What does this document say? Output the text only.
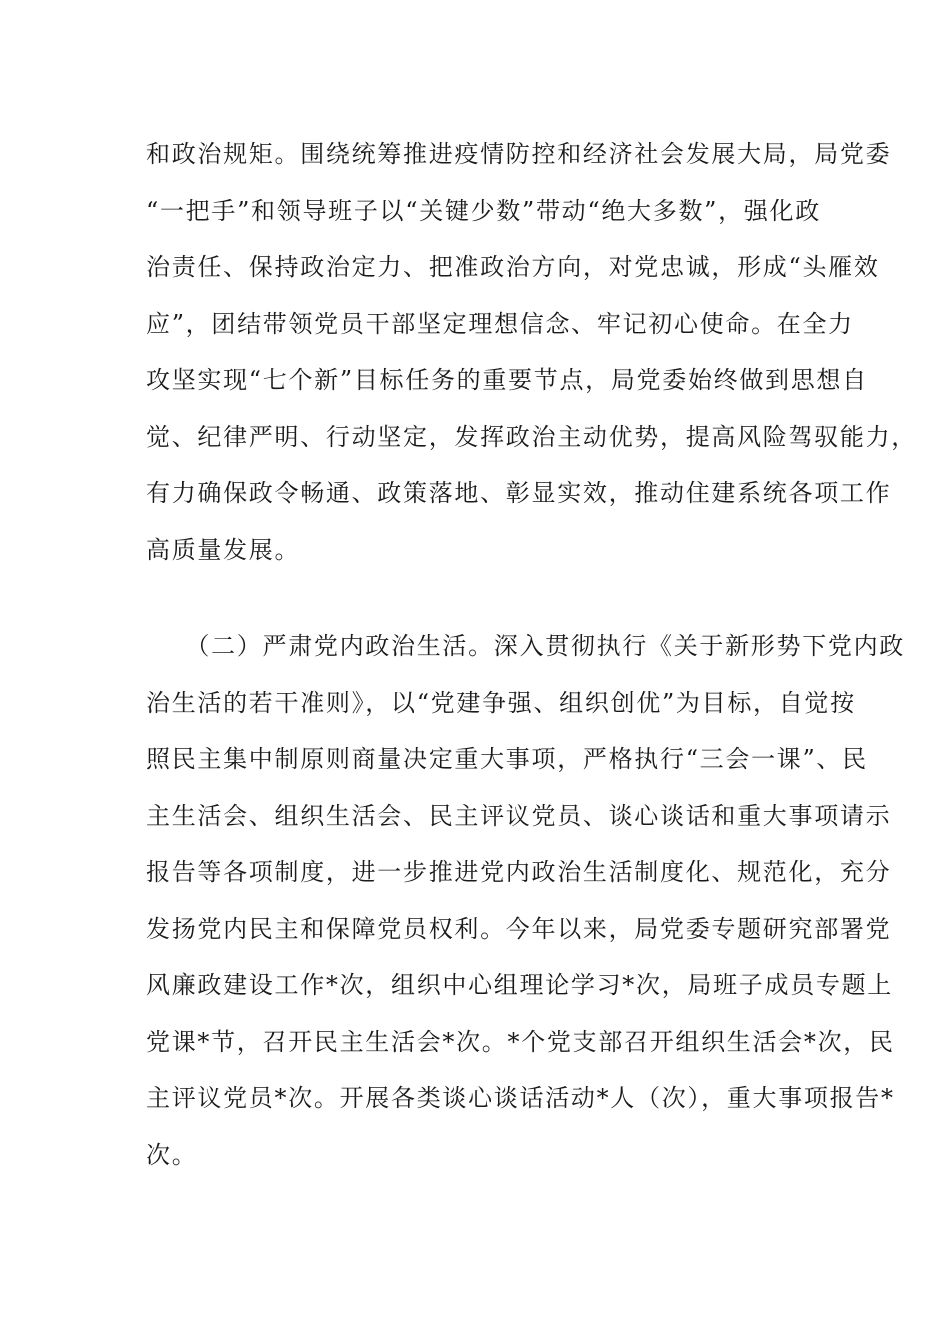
和政治规矩。围绕统筹推进疫情防控和经济社会发展大局，局党委
“一把手”和领导班子以“关键少数”带动“绝大多数”，强化政
治责任、保持政治定力、把准政治方向，对党忠诚，形成“头雁效
应”，团结带领党员干部坚定理想信念、牢记初心使命。在全力
攻坚实现“七个新”目标任务的重要节点，局党委始终做到思想自
觉、纪律严明、行动坚定，发挥政治主动优势，提高风险驾驭能力，
有力确保政令畅通、政策落地、彰显实效，推动住建系统各项工作
高质量发展。
　　（二）严肃党内政治生活。深入贯彻执行《关于新形势下党内政
治生活的若干准则》，以“党建争强、组织创优”为目标，自觉按
照民主集中制原则商量决定重大事项，严格执行“三会一课”、民
主生活会、组织生活会、民主评议党员、谈心谈话和重大事项请示
报告等各项制度，进一步推进党内政治生活制度化、规范化，充分
发扬党内民主和保障党员权利。今年以来，局党委专题研究部署党
风廉政建设工作*次，组织中心组理论学习*次，局班子成员专题上
党课*节，召开民主生活会*次。*个党支部召开组织生活会*次，民
主评议党员*次。开展各类谈心谈话活动*人（次），重大事项报告*
次。
